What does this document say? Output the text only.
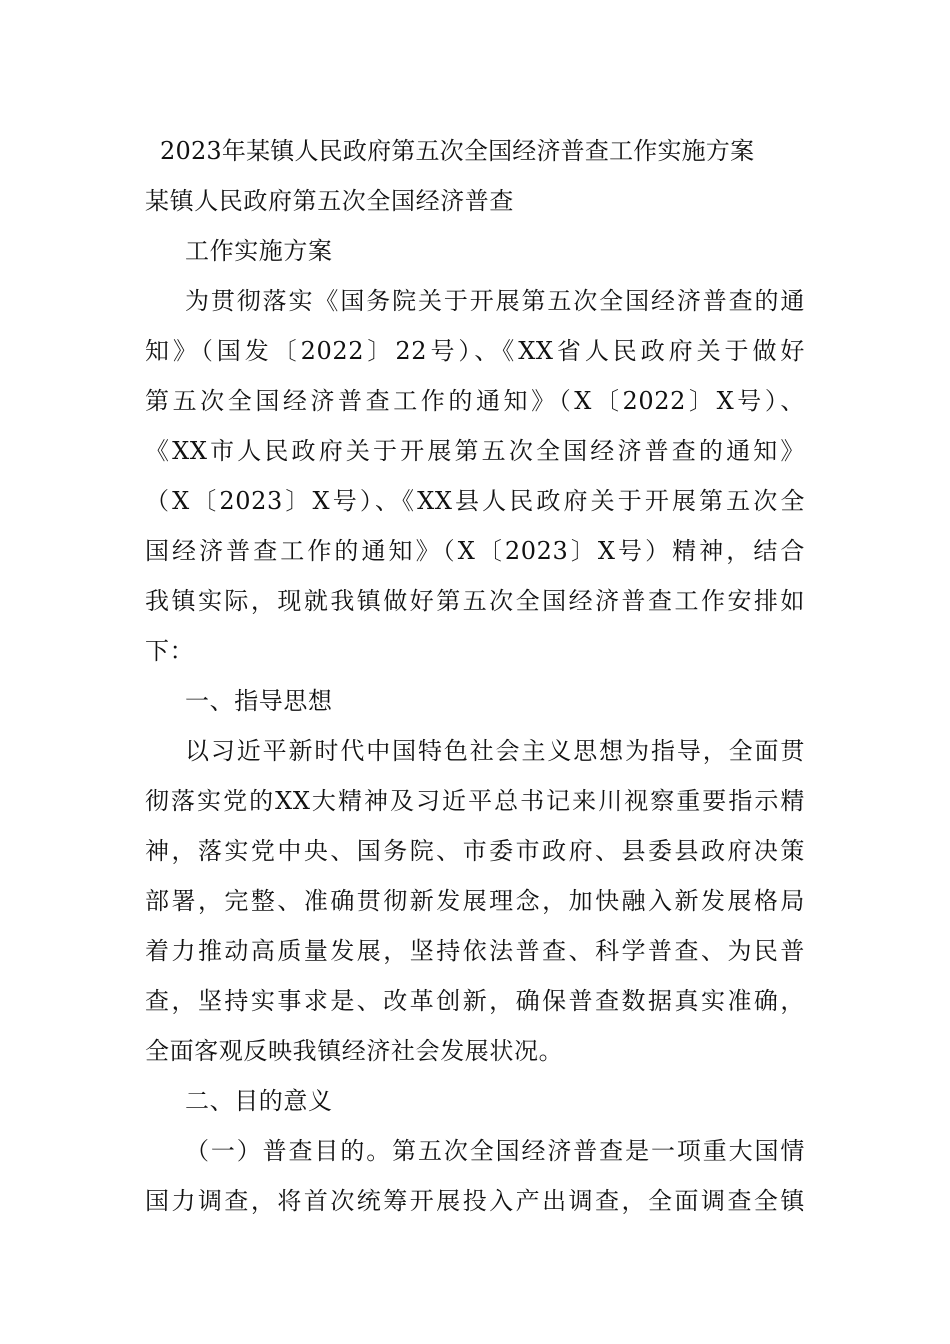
2023年某镇人民政府第五次全国经济普查工作实施方案
某镇人民政府第五次全国经济普查
工作实施方案
为贯彻落实《国务院关于开展第五次全国经济普查的通
知》（国发〔2022〕22号）、《XX省人民政府关于做好
第五次全国经济普查工作的通知》（X〔2022〕X号）、
《XX市人民政府关于开展第五次全国经济普查的通知》
（X〔2023〕X号）、《XX县人民政府关于开展第五次全
国经济普查工作的通知》（X〔2023〕X号）精神，结合
我镇实际，现就我镇做好第五次全国经济普查工作安排如
下：
一、指导思想
以习近平新时代中国特色社会主义思想为指导，全面贯
彻落实党的XX大精神及习近平总书记来川视察重要指示精
神，落实党中央、国务院、市委市政府、县委县政府决策
部署，完整、准确贯彻新发展理念，加快融入新发展格局
着力推动高质量发展，坚持依法普查、科学普查、为民普
查，坚持实事求是、改革创新，确保普查数据真实准确，
全面客观反映我镇经济社会发展状况。
二、目的意义
（一）普查目的。第五次全国经济普查是一项重大国情
国力调查，将首次统筹开展投入产出调查，全面调查全镇
